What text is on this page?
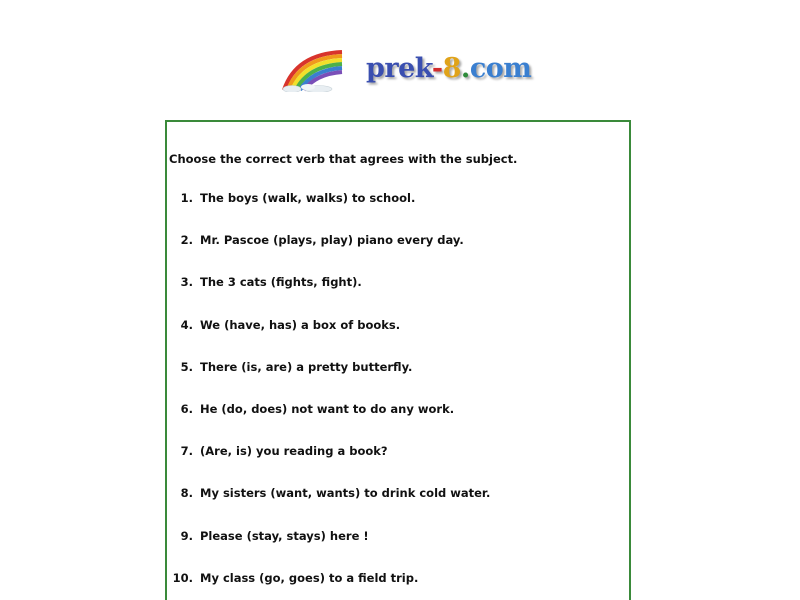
prek-8.com
Choose the correct verb that agrees with the subject.
1. The boys (walk, walks) to school.
2. Mr. Pascoe (plays, play) piano every day.
3. The 3 cats (fights, fight).
4. We (have, has) a box of books.
5. There (is, are) a pretty butterfly.
6. He (do, does) not want to do any work.
7. (Are, is) you reading a book?
8. My sisters (want, wants) to drink cold water.
9. Please (stay, stays) here !
10. My class (go, goes) to a field trip.
